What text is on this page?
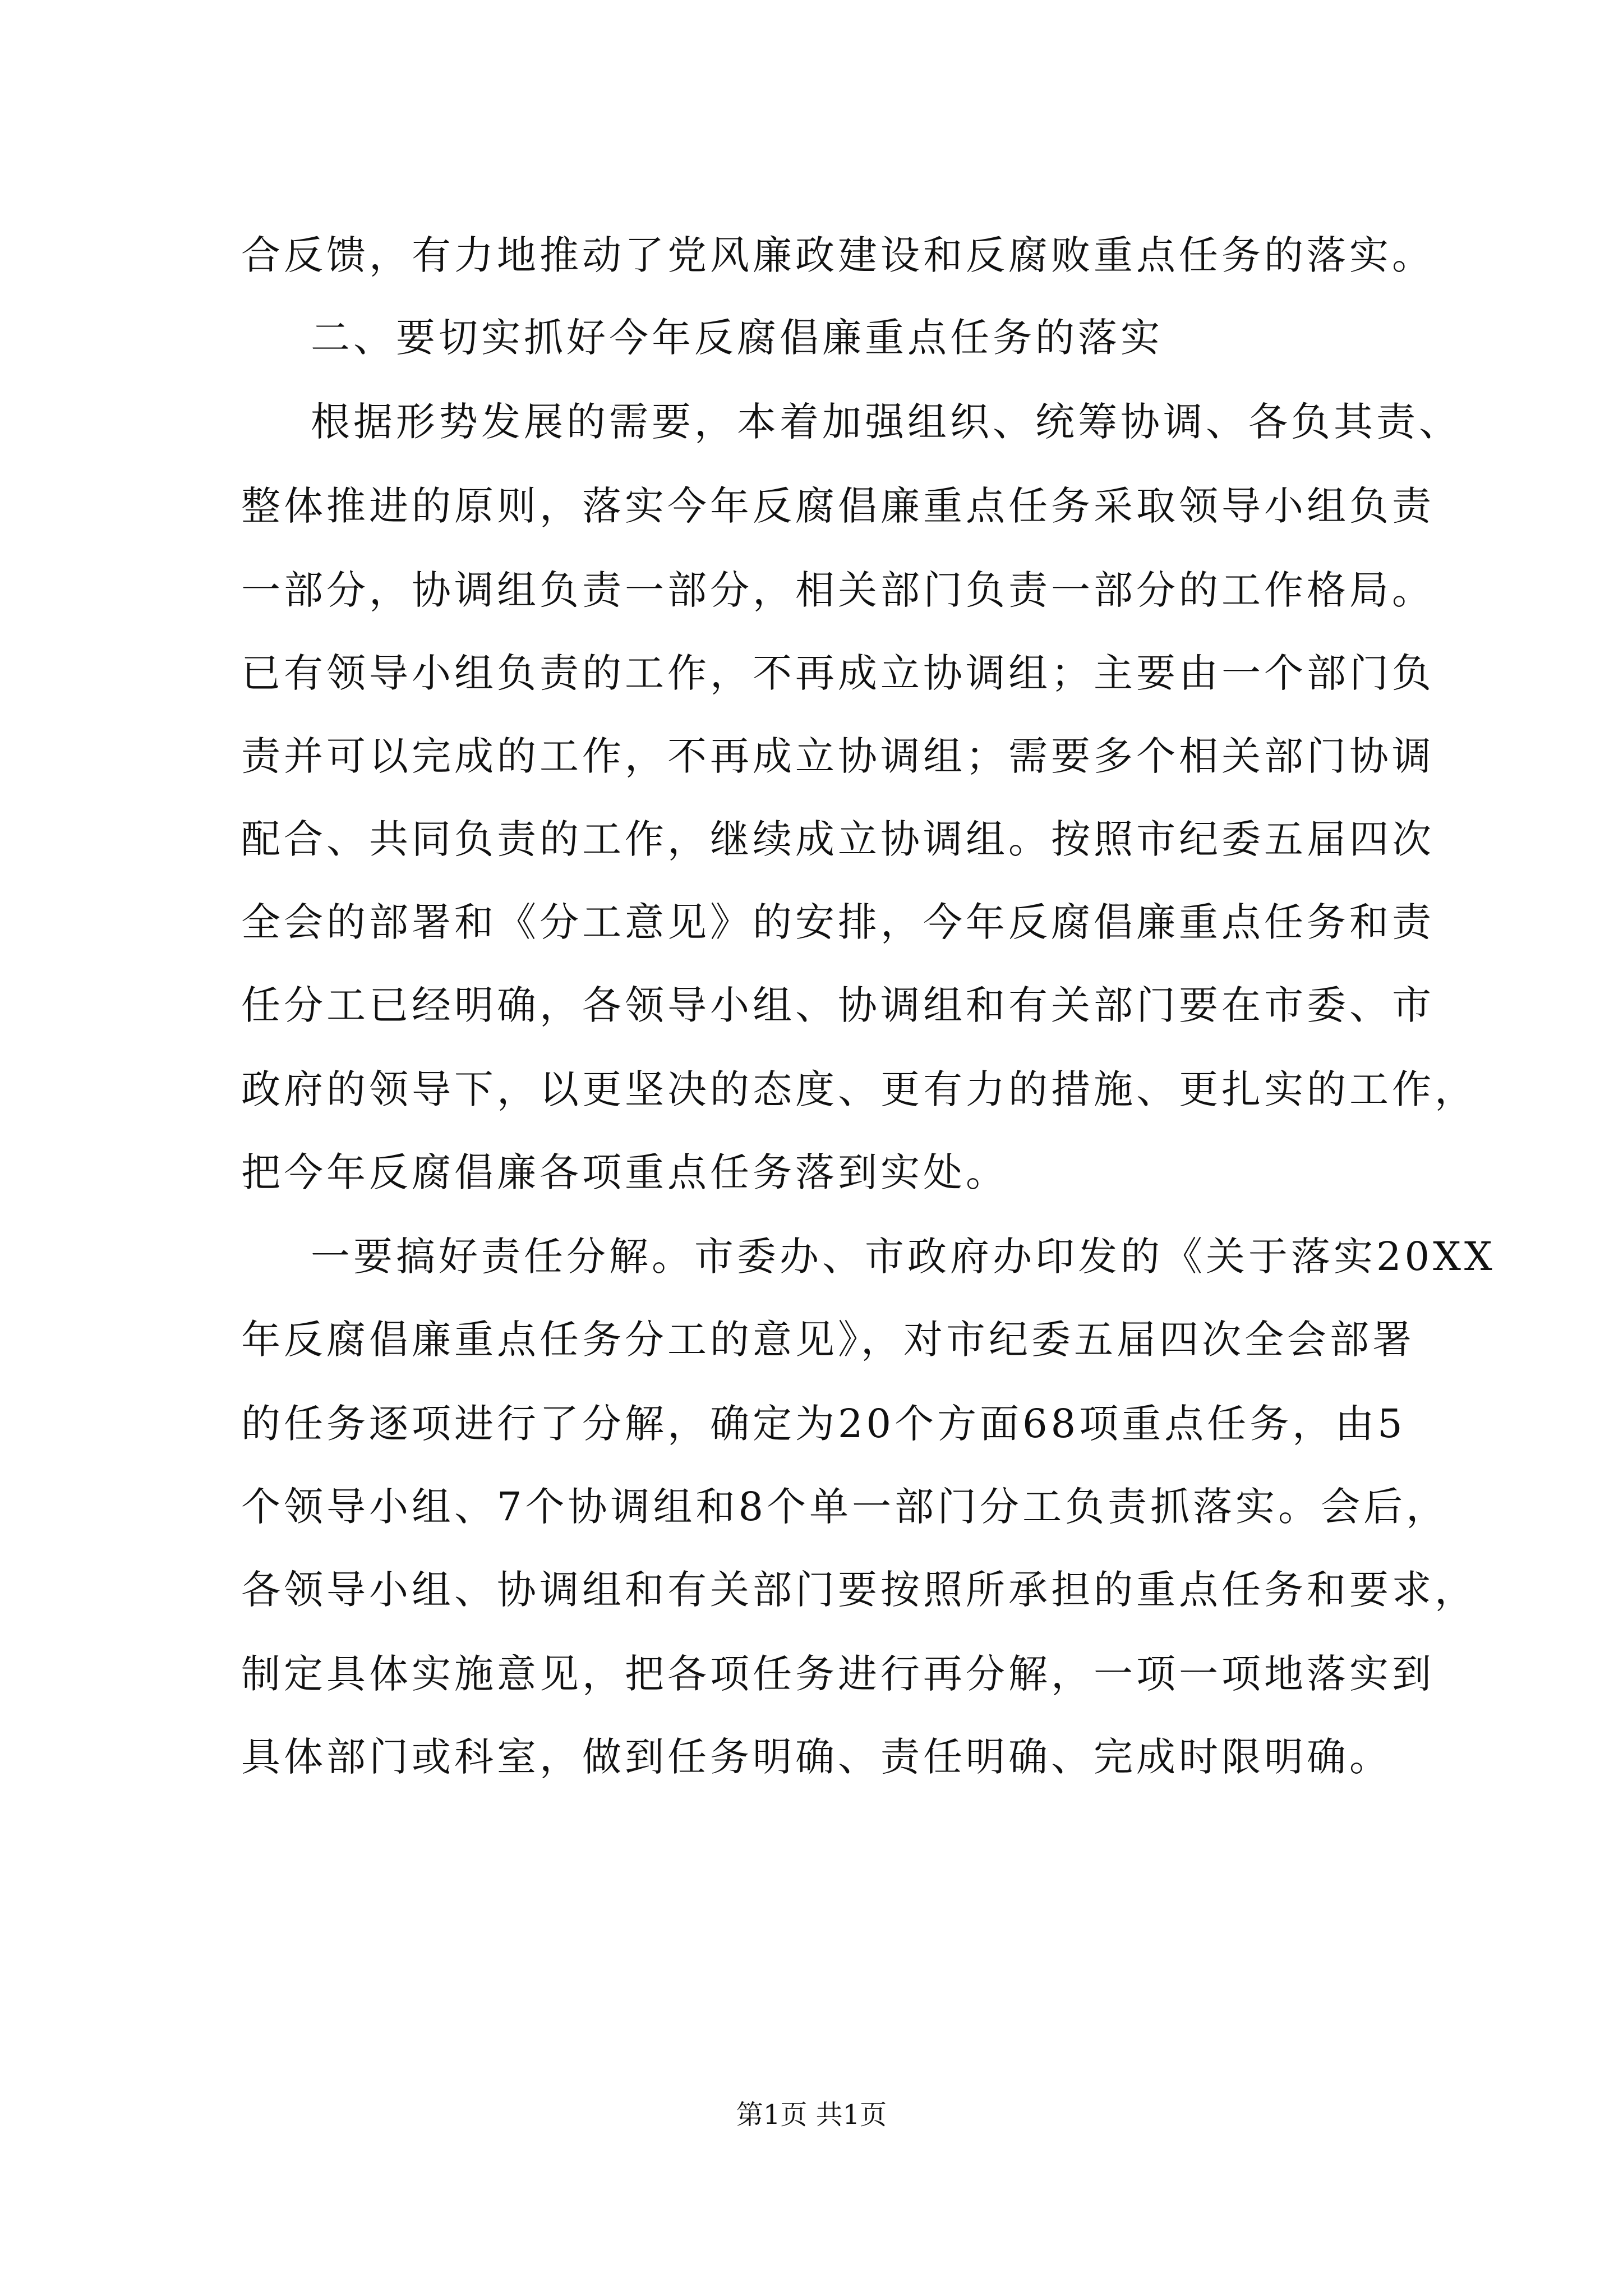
合反馈，有力地推动了党风廉政建设和反腐败重点任务的落实。
二、要切实抓好今年反腐倡廉重点任务的落实
根据形势发展的需要，本着加强组织、统筹协调、各负其责、
整体推进的原则，落实今年反腐倡廉重点任务采取领导小组负责
一部分，协调组负责一部分，相关部门负责一部分的工作格局。
已有领导小组负责的工作，不再成立协调组；主要由一个部门负
责并可以完成的工作，不再成立协调组；需要多个相关部门协调
配合、共同负责的工作，继续成立协调组。按照市纪委五届四次
全会的部署和《分工意见》的安排，今年反腐倡廉重点任务和责
任分工已经明确，各领导小组、协调组和有关部门要在市委、市
政府的领导下，以更坚决的态度、更有力的措施、更扎实的工作，
把今年反腐倡廉各项重点任务落到实处。
一要搞好责任分解。市委办、市政府办印发的《关于落实20XX
年反腐倡廉重点任务分工的意见》，对市纪委五届四次全会部署
的任务逐项进行了分解，确定为20个方面68项重点任务，由5
个领导小组、7个协调组和8个单一部门分工负责抓落实。会后，
各领导小组、协调组和有关部门要按照所承担的重点任务和要求，
制定具体实施意见，把各项任务进行再分解，一项一项地落实到
具体部门或科室，做到任务明确、责任明确、完成时限明确。
第1页 共1页
